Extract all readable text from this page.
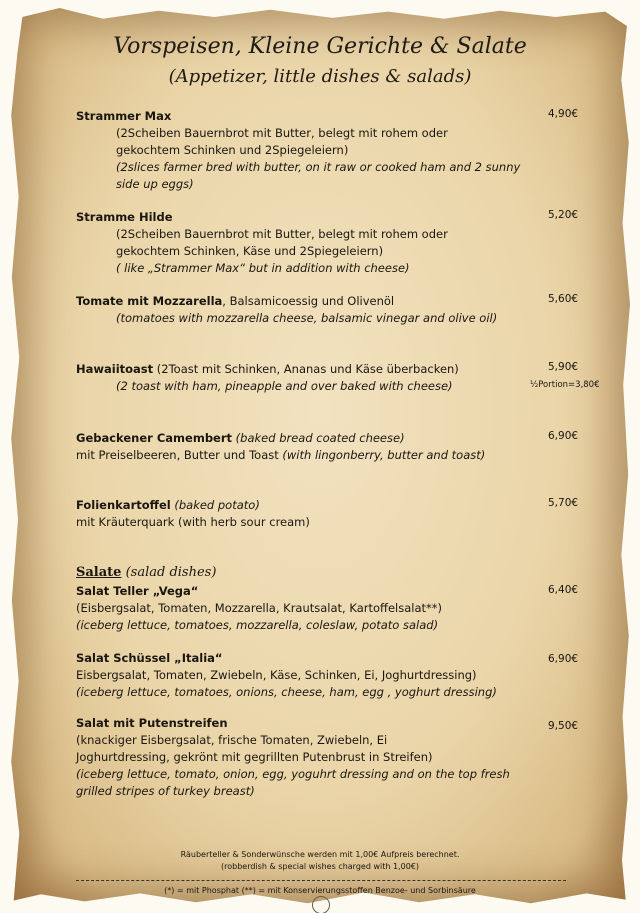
Vorspeisen, Kleine Gerichte & Salate
(Appetizer, little dishes & salads)
Strammer Max
(2Scheiben Bauernbrot mit Butter, belegt mit rohem oder
gekochtem Schinken und 2Spiegeleiern)
(2slices farmer bred with butter, on it raw or cooked ham and 2 sunny
side up eggs)
4,90€
Stramme Hilde
(2Scheiben Bauernbrot mit Butter, belegt mit rohem oder
gekochtem Schinken, Käse und 2Spiegeleiern)
( like „Strammer Max“ but in addition with cheese)
5,20€
Tomate mit Mozzarella, Balsamicoessig und Olivenöl
(tomatoes with mozzarella cheese, balsamic vinegar and olive oil)
5,60€
Hawaiitoast (2Toast mit Schinken, Ananas und Käse überbacken)
(2 toast with ham, pineapple and over baked with cheese)
5,90€
½Portion=3,80€
Gebackener Camembert (baked bread coated cheese)
mit Preiselbeeren, Butter und Toast (with lingonberry, butter and toast)
6,90€
Folienkartoffel (baked potato)
mit Kräuterquark (with herb sour cream)
5,70€
Salate (salad dishes)
Salat Teller „Vega“
(Eisbergsalat, Tomaten, Mozzarella, Krautsalat, Kartoffelsalat**)
(iceberg lettuce, tomatoes, mozzarella, coleslaw, potato salad)
6,40€
Salat Schüssel „Italia“
Eisbergsalat, Tomaten, Zwiebeln, Käse, Schinken, Ei, Joghurtdressing)
(iceberg lettuce, tomatoes, onions, cheese, ham, egg , yoghurt dressing)
6,90€
Salat mit Putenstreifen
(knackiger Eisbergsalat, frische Tomaten, Zwiebeln, Ei
Joghurtdressing, gekrönt mit gegrillten Putenbrust in Streifen)
(iceberg lettuce, tomato, onion, egg, yoguhrt dressing and on the top fresh
grilled stripes of turkey breast)
9,50€
Räuberteller & Sonderwünsche werden mit 1,00€ Aufpreis berechnet.
(robberdish & special wishes charged with 1,00€)
(*) = mit Phosphat (**) = mit Konservierungsstoffen Benzoe- und Sorbinsäure
